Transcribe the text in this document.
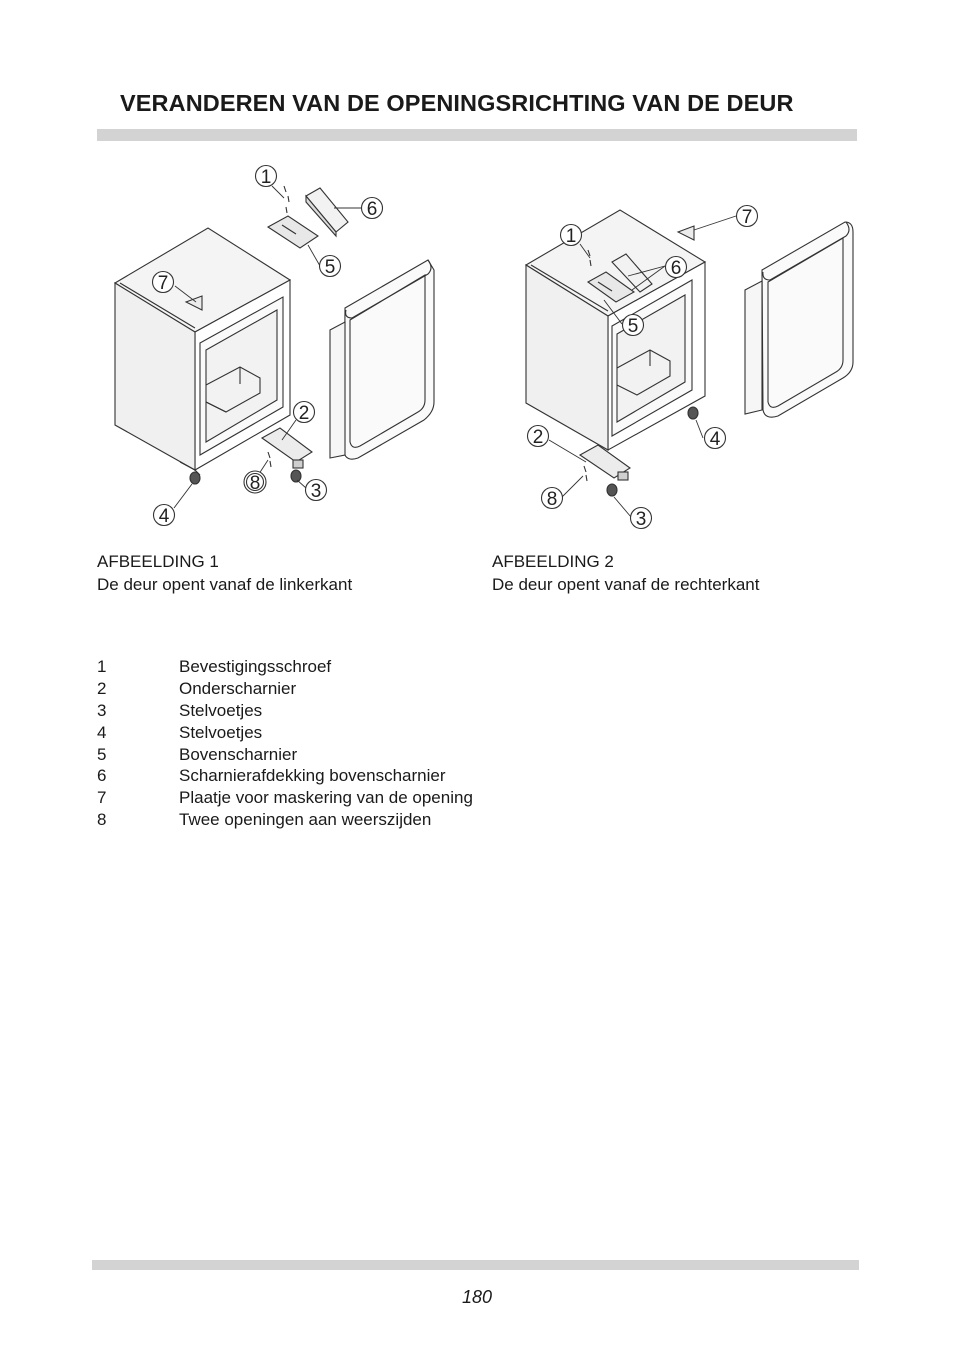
VERANDEREN VAN DE OPENINGSRICHTING VAN DE DEUR
1
2
3
4
5
6
7
8
1
2
3
4
5
6
7
8
AFBEELDING 1
De deur opent vanaf de linkerkant
AFBEELDING 2
De deur opent vanaf de rechterkant
1	Bevestigingsschroef
2	Onderscharnier
3	Stelvoetjes
4	Stelvoetjes
5	Bovenscharnier
6	Scharnierafdekking bovenscharnier
7	Plaatje voor maskering van de opening
8	Twee openingen aan weerszijden
180
